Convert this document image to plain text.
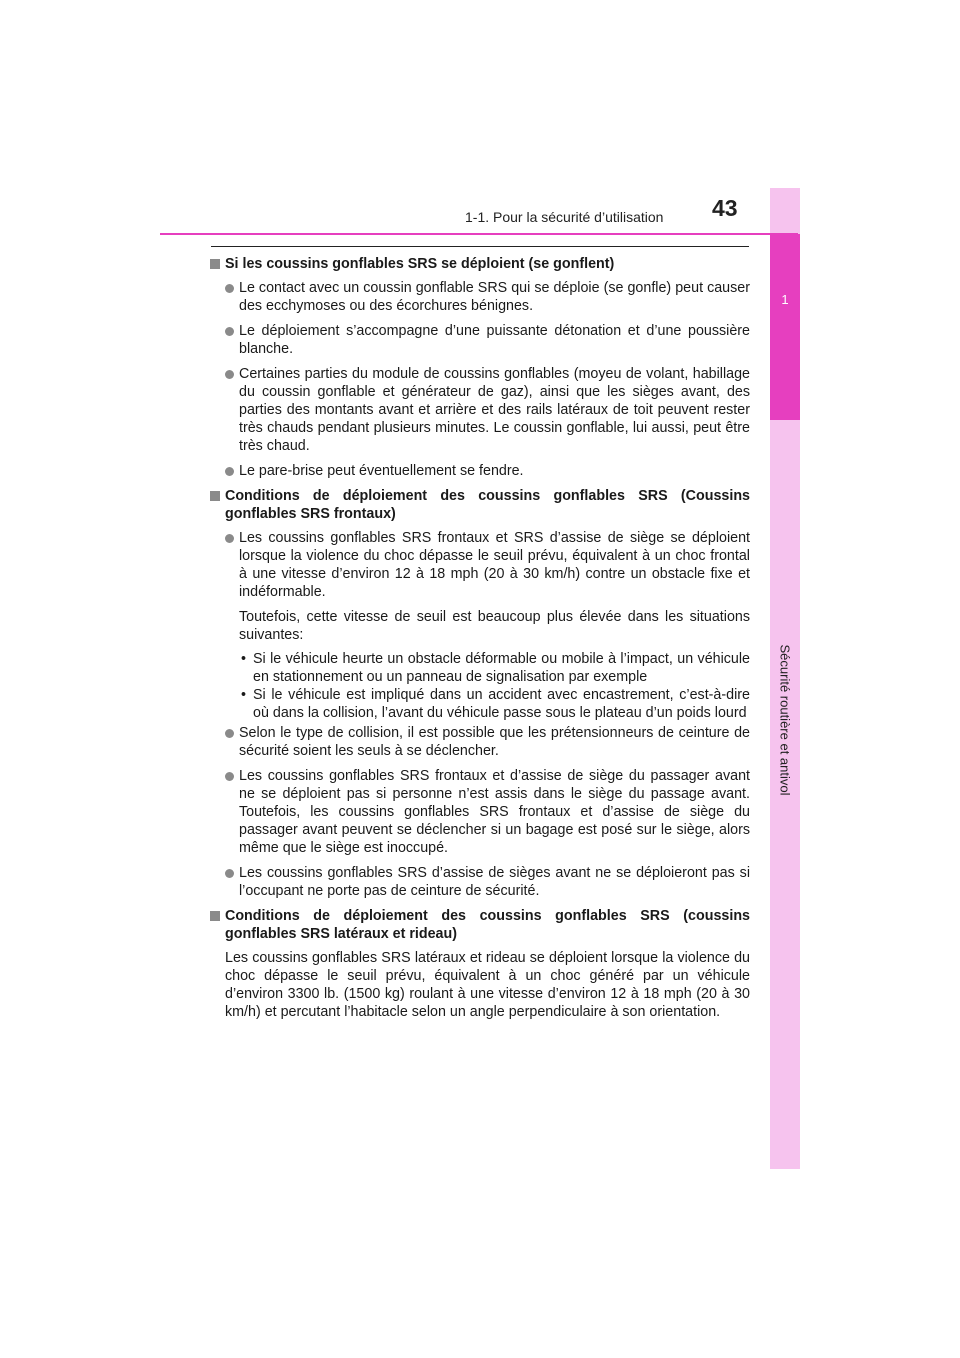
1
Sécurité routière et antivol
1-1. Pour la sécurité d’utilisation 43
Si les coussins gonflables SRS se déploient (se gonflent)
Le contact avec un coussin gonflable SRS qui se déploie (se gonfle) peut causer des ecchymoses ou des écorchures bénignes.
Le déploiement s’accompagne d’une puissante détonation et d’une poussière blanche.
Certaines parties du module de coussins gonflables (moyeu de volant, habillage du coussin gonflable et générateur de gaz), ainsi que les sièges avant, des parties des montants avant et arrière et des rails latéraux de toit peuvent rester très chauds pendant plusieurs minutes. Le coussin gonflable, lui aussi, peut être très chaud.
Le pare-brise peut éventuellement se fendre.
Conditions de déploiement des coussins gonflables SRS (Coussins gonflables SRS frontaux)
Les coussins gonflables SRS frontaux et SRS d’assise de siège se déploient lorsque la violence du choc dépasse le seuil prévu, équivalent à un choc frontal à une vitesse d’environ 12 à 18 mph (20 à 30 km/h) contre un obstacle fixe et indéformable.
Toutefois, cette vitesse de seuil est beaucoup plus élevée dans les situations suivantes:
• Si le véhicule heurte un obstacle déformable ou mobile à l’impact, un véhicule en stationnement ou un panneau de signalisation par exemple
• Si le véhicule est impliqué dans un accident avec encastrement, c’est-à-dire où dans la collision, l’avant du véhicule passe sous le plateau d’un poids lourd
Selon le type de collision, il est possible que les prétensionneurs de ceinture de sécurité soient les seuls à se déclencher.
Les coussins gonflables SRS frontaux et d’assise de siège du passager avant ne se déploient pas si personne n’est assis dans le siège du passage avant. Toutefois, les coussins gonflables SRS frontaux et d’assise de siège du passager avant peuvent se déclencher si un bagage est posé sur le siège, alors même que le siège est inoccupé.
Les coussins gonflables SRS d’assise de sièges avant ne se déploieront pas si l’occupant ne porte pas de ceinture de sécurité.
Conditions de déploiement des coussins gonflables SRS (coussins gonflables SRS latéraux et rideau)
Les coussins gonflables SRS latéraux et rideau se déploient lorsque la violence du choc dépasse le seuil prévu, équivalent à un choc généré par un véhicule d’environ 3300 lb. (1500 kg) roulant à une vitesse d’environ 12 à 18 mph (20 à 30 km/h) et percutant l’habitacle selon un angle perpendiculaire à son orientation.
